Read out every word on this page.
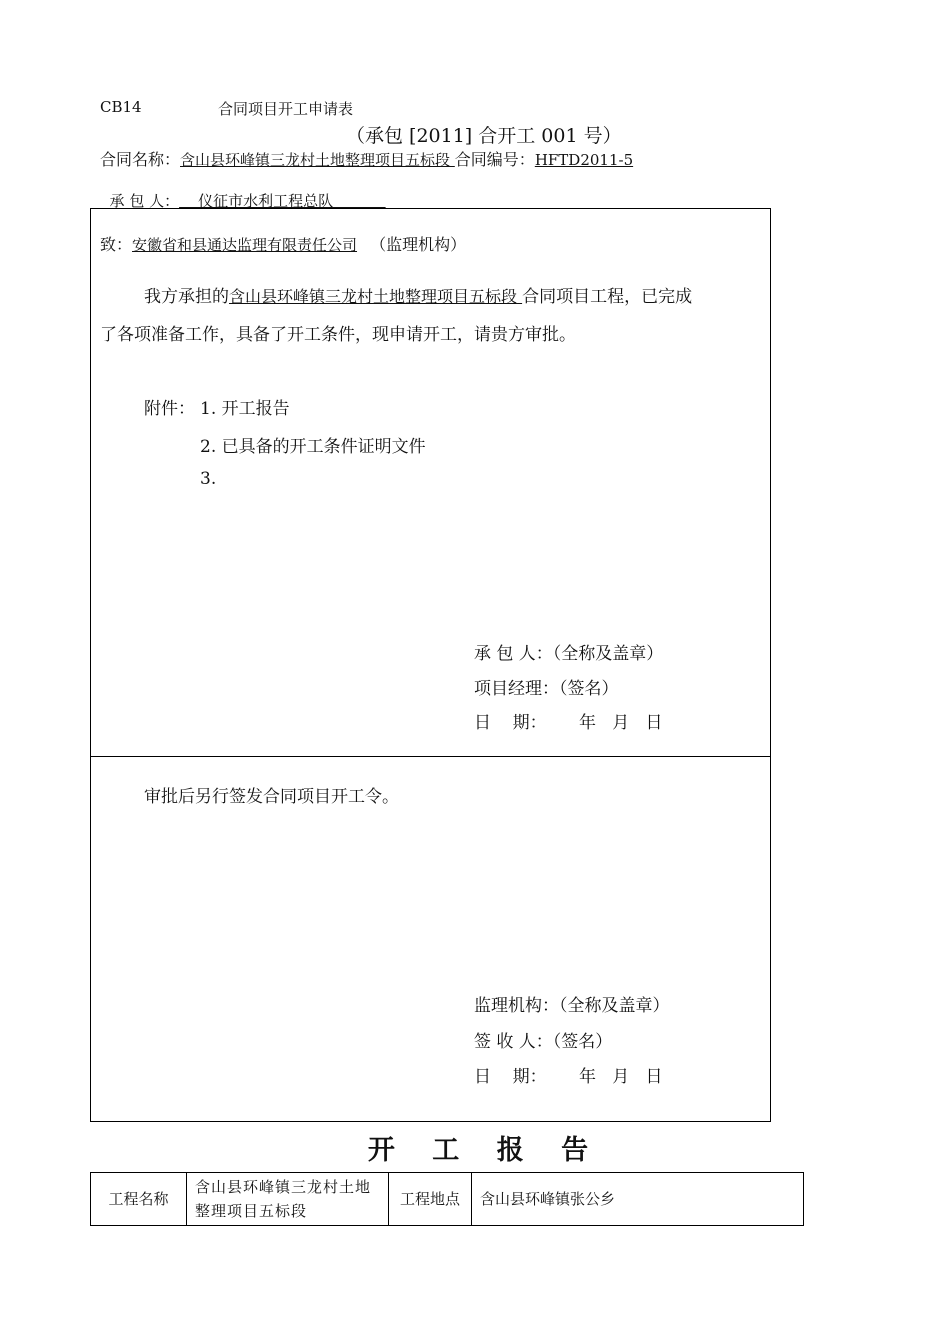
CB14	合同项目开工申请表
（承包 [2011] 合开工 001 号）
合同名称：含山县环峰镇三龙村土地整理项目五标段 合同编号：HFTD2011-5

承 包 人：    仪征市水利工程总队

致：安徽省和县通达监理有限责任公司 （监理机构）
我方承担的含山县环峰镇三龙村土地整理项目五标段 合同项目工程，已完成
了各项准备工作，具备了开工条件，现申请开工，请贵方审批。
附件： 1. 开工报告
2. 已具备的开工条件证明文件
3.
承 包 人：（全称及盖章）
项目经理：（签名）
日    期：      年   月   日
审批后另行签发合同项目开工令。
监理机构：（全称及盖章）
签 收 人：（签名）
日    期：      年   月   日
开 工 报 告
工程名称	含山县环峰镇三龙村土地整理项目五标段	工程地点	含山县环峰镇张公乡
